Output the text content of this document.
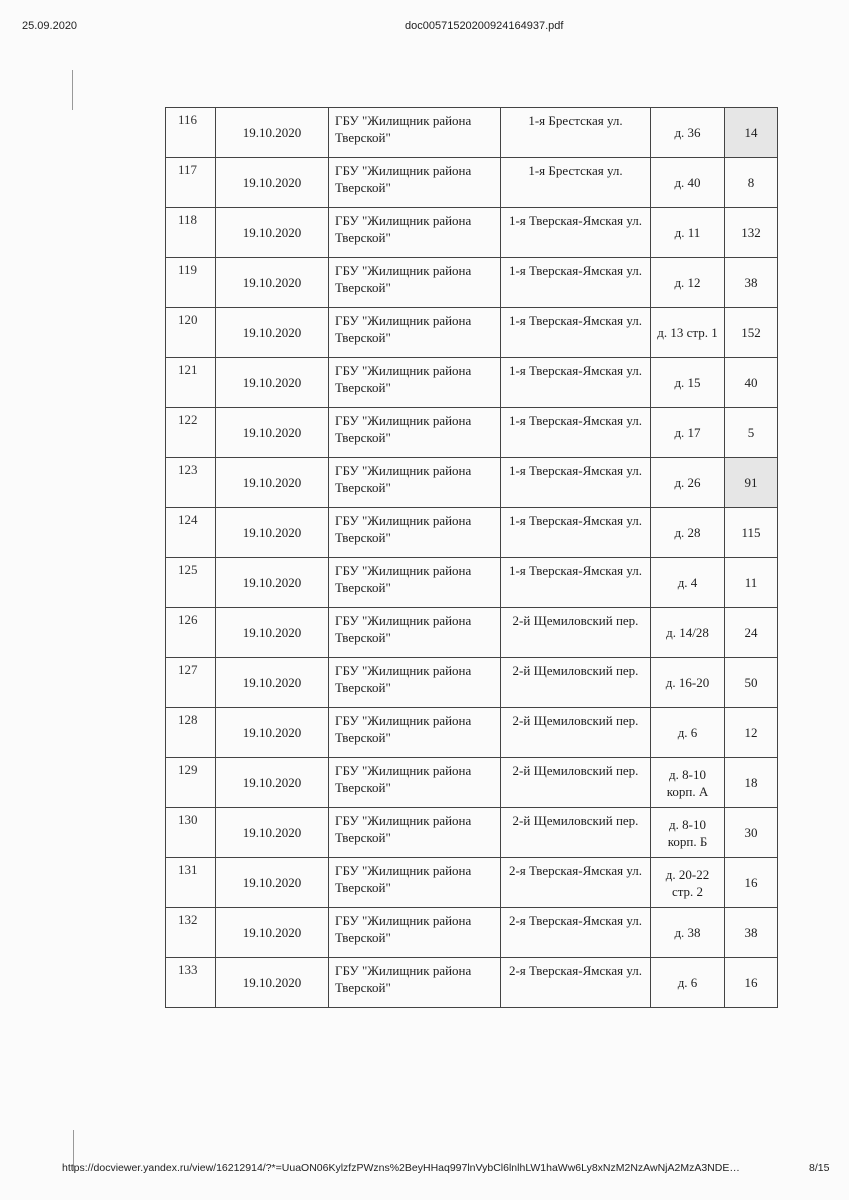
25.09.2020	doc00571520200924164937.pdf
116	19.10.2020	ГБУ "Жилищник района Тверской"	1-я Брестская ул.	д. 36	14
117	19.10.2020	ГБУ "Жилищник района Тверской"	1-я Брестская ул.	д. 40	8
118	19.10.2020	ГБУ "Жилищник района Тверской"	1-я Тверская-Ямская ул.	д. 11	132
119	19.10.2020	ГБУ "Жилищник района Тверской"	1-я Тверская-Ямская ул.	д. 12	38
120	19.10.2020	ГБУ "Жилищник района Тверской"	1-я Тверская-Ямская ул.	д. 13 стр. 1	152
121	19.10.2020	ГБУ "Жилищник района Тверской"	1-я Тверская-Ямская ул.	д. 15	40
122	19.10.2020	ГБУ "Жилищник района Тверской"	1-я Тверская-Ямская ул.	д. 17	5
123	19.10.2020	ГБУ "Жилищник района Тверской"	1-я Тверская-Ямская ул.	д. 26	91
124	19.10.2020	ГБУ "Жилищник района Тверской"	1-я Тверская-Ямская ул.	д. 28	115
125	19.10.2020	ГБУ "Жилищник района Тверской"	1-я Тверская-Ямская ул.	д. 4	11
126	19.10.2020	ГБУ "Жилищник района Тверской"	2-й Щемиловский пер.	д. 14/28	24
127	19.10.2020	ГБУ "Жилищник района Тверской"	2-й Щемиловский пер.	д. 16-20	50
128	19.10.2020	ГБУ "Жилищник района Тверской"	2-й Щемиловский пер.	д. 6	12
129	19.10.2020	ГБУ "Жилищник района Тверской"	2-й Щемиловский пер.	д. 8-10 корп. А	18
130	19.10.2020	ГБУ "Жилищник района Тверской"	2-й Щемиловский пер.	д. 8-10 корп. Б	30
131	19.10.2020	ГБУ "Жилищник района Тверской"	2-я Тверская-Ямская ул.	д. 20-22 стр. 2	16
132	19.10.2020	ГБУ "Жилищник района Тверской"	2-я Тверская-Ямская ул.	д. 38	38
133	19.10.2020	ГБУ "Жилищник района Тверской"	2-я Тверская-Ямская ул.	д. 6	16
https://docviewer.yandex.ru/view/16212914/?*=UuaON06KylzfzPWzns%2BeyHHaq997lnVybCl6lnlhLW1haWw6Ly8xNzM2NzAwNjA2MzA3NDE…	8/15
